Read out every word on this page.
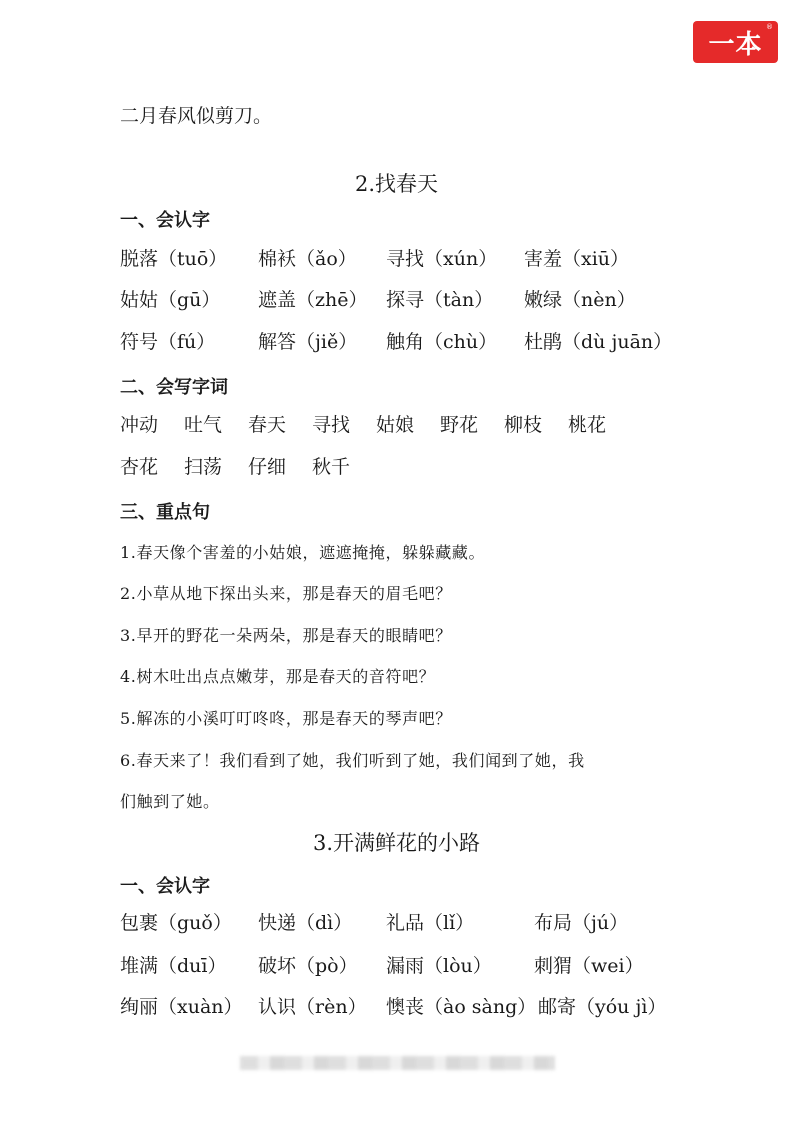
一本
®
二月春风似剪刀。
2.找春天
一、会认字
脱落（tuō） 棉袄（ǎo） 寻找（xún） 害羞（xiū）
姑姑（gū） 遮盖（zhē） 探寻（tàn） 嫩绿（nèn）
符号（fú） 解答（jiě） 触角（chù） 杜鹃（dù juān）
二、会写字词
冲动 吐气 春天 寻找 姑娘 野花 柳枝 桃花
杏花 扫荡 仔细 秋千
三、重点句
1.春天像个害羞的小姑娘，遮遮掩掩，躲躲藏藏。
2.小草从地下探出头来，那是春天的眉毛吧？
3.早开的野花一朵两朵，那是春天的眼睛吧？
4.树木吐出点点嫩芽，那是春天的音符吧？
5.解冻的小溪叮叮咚咚，那是春天的琴声吧？
6.春天来了！我们看到了她，我们听到了她，我们闻到了她，我
们触到了她。
3.开满鲜花的小路
一、会认字
包裹（guǒ） 快递（dì） 礼品（lǐ）	布局（jú）
堆满（duī） 破坏（pò） 漏雨（lòu） 刺猬（wei）
绚丽（xuàn） 认识（rèn） 懊丧（ào sàng） 邮寄（yóu jì）
